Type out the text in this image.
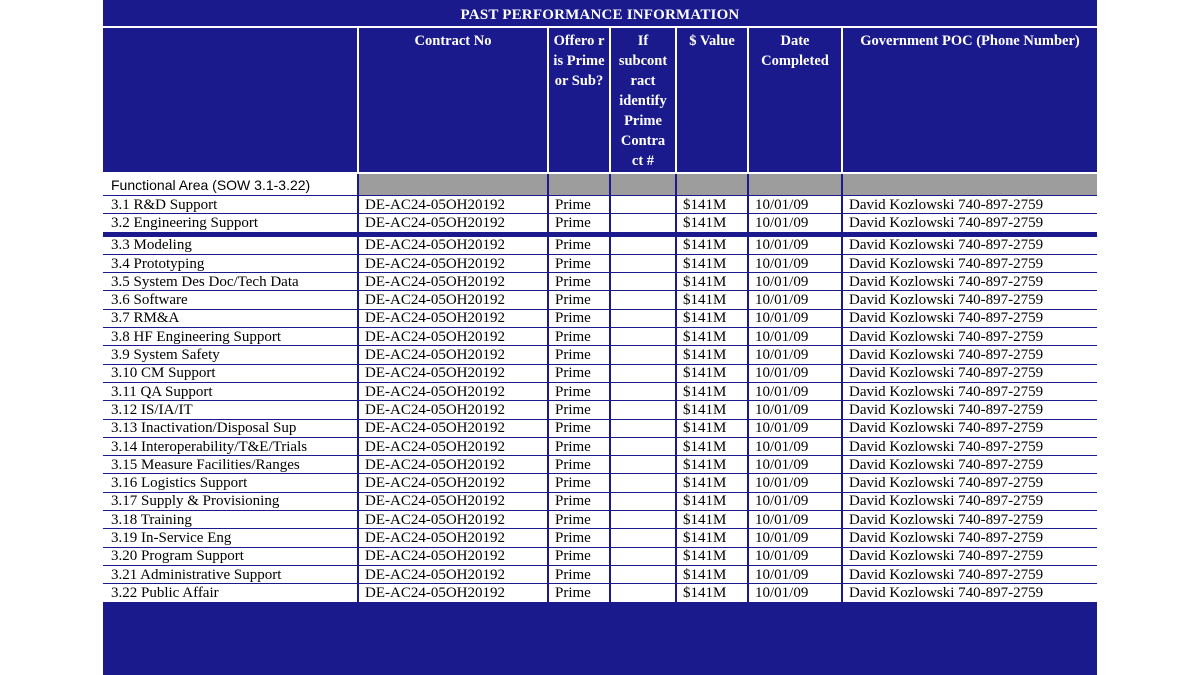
PAST PERFORMANCE INFORMATION
	Contract No	Offero r is Prime or Sub?	If subcont ract identify Prime Contra ct #	$ Value	Date Completed	Government POC (Phone Number)
Functional Area (SOW 3.1-3.22)						
3.1 R&D Support	DE-AC24-05OH20192	Prime		$141M	10/01/09	David Kozlowski 740-897-2759
3.2 Engineering Support	DE-AC24-05OH20192	Prime		$141M	10/01/09	David Kozlowski 740-897-2759
3.3 Modeling	DE-AC24-05OH20192	Prime		$141M	10/01/09	David Kozlowski 740-897-2759
3.4 Prototyping	DE-AC24-05OH20192	Prime		$141M	10/01/09	David Kozlowski 740-897-2759
3.5 System Des Doc/Tech Data	DE-AC24-05OH20192	Prime		$141M	10/01/09	David Kozlowski 740-897-2759
3.6 Software	DE-AC24-05OH20192	Prime		$141M	10/01/09	David Kozlowski 740-897-2759
3.7 RM&A	DE-AC24-05OH20192	Prime		$141M	10/01/09	David Kozlowski 740-897-2759
3.8 HF Engineering Support	DE-AC24-05OH20192	Prime		$141M	10/01/09	David Kozlowski 740-897-2759
3.9 System Safety	DE-AC24-05OH20192	Prime		$141M	10/01/09	David Kozlowski 740-897-2759
3.10 CM Support	DE-AC24-05OH20192	Prime		$141M	10/01/09	David Kozlowski 740-897-2759
3.11 QA Support	DE-AC24-05OH20192	Prime		$141M	10/01/09	David Kozlowski 740-897-2759
3.12 IS/IA/IT	DE-AC24-05OH20192	Prime		$141M	10/01/09	David Kozlowski 740-897-2759
3.13 Inactivation/Disposal Sup	DE-AC24-05OH20192	Prime		$141M	10/01/09	David Kozlowski 740-897-2759
3.14 Interoperability/T&E/Trials	DE-AC24-05OH20192	Prime		$141M	10/01/09	David Kozlowski 740-897-2759
3.15 Measure Facilities/Ranges	DE-AC24-05OH20192	Prime		$141M	10/01/09	David Kozlowski 740-897-2759
3.16 Logistics Support	DE-AC24-05OH20192	Prime		$141M	10/01/09	David Kozlowski 740-897-2759
3.17 Supply & Provisioning	DE-AC24-05OH20192	Prime		$141M	10/01/09	David Kozlowski 740-897-2759
3.18 Training	DE-AC24-05OH20192	Prime		$141M	10/01/09	David Kozlowski 740-897-2759
3.19 In-Service Eng	DE-AC24-05OH20192	Prime		$141M	10/01/09	David Kozlowski 740-897-2759
3.20 Program Support	DE-AC24-05OH20192	Prime		$141M	10/01/09	David Kozlowski 740-897-2759
3.21 Administrative Support	DE-AC24-05OH20192	Prime		$141M	10/01/09	David Kozlowski 740-897-2759
3.22 Public Affair	DE-AC24-05OH20192	Prime		$141M	10/01/09	David Kozlowski 740-897-2759
